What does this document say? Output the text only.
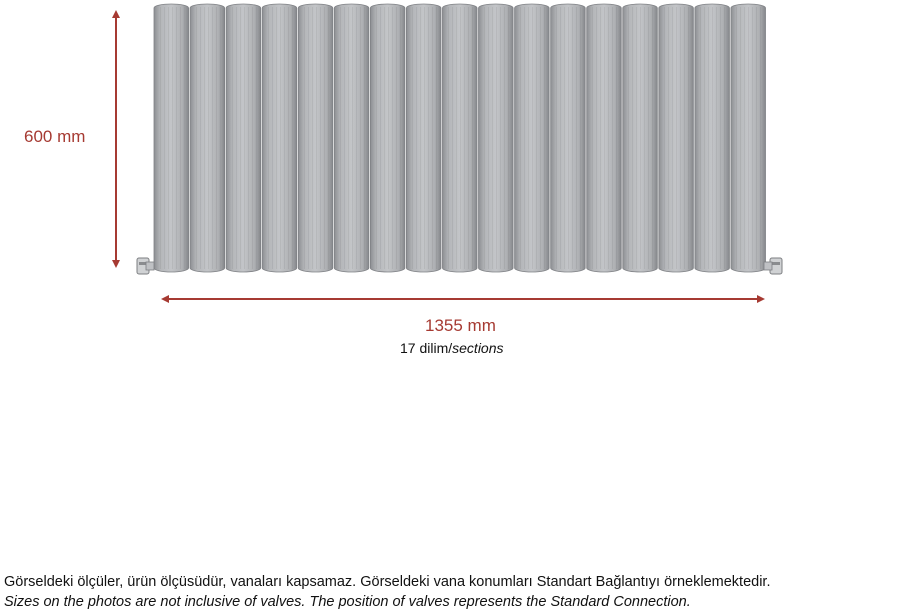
600 mm
1355 mm
17 dilim/sections
Görseldeki ölçüler, ürün ölçüsüdür, vanaları kapsamaz. Görseldeki vana konumları Standart Bağlantıyı örneklemektedir.
Sizes on the photos are not inclusive of valves. The position of valves represents the Standard Connection.
